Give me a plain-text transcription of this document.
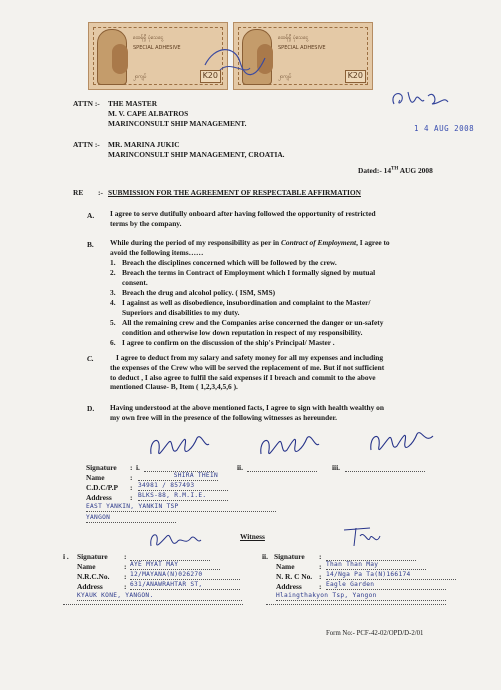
ထေရ်ရှိ ပုံသေငွေ
SPECIAL ADHESIVE
၂၀ကျပ်	K20
ထေရ်ရှိ ပုံသေငွေ
SPECIAL ADHESIVE
၂၀ကျပ်	K20
1 4 AUG 2008
ATTN :- THE MASTER
M. V. CAPE ALBATROS
MARINCONSULT SHIP MANAGEMENT.
ATTN :- MR. MARINA JUKIC
MARINCONSULT SHIP MANAGEMENT, CROATIA.
Dated:- 14TH AUG 2008
RE :- SUBMISSION FOR THE AGREEMENT OF RESPECTABLE AFFIRMATION
A. I agree to serve dutifully onboard after having followed the opportunity of restricted
terms by the company.
B. While during the period of my responsibility as per in Contract of Employment, I agree to
avoid the following items……
1. Breach the disciplines concerned which will be followed by the crew.
2. Breach the terms in Contract of Employment which I formally signed by mutual
consent.
3. Breach the drug and alcohol policy. ( ISM, SMS)
4. I against as well as disobedience, insubordination and complaint to the Master/
Superiors and disabilities to my duty.
5. All the remaining crew and the Companies arise concerned the danger or un-safety
condition and otherwise low down reputation in respect of my responsibility.
6. I agree to confirm on the discussion of the ship's Principal/ Master .
C.	I agree to deduct from my salary and safety money for all my expenses and including
the expenses of the Crew who will be served the replacement of me. But if not sufficient
to deduct , I also agree to fulfil the said expenses if I breach and commit to the above
mentioned Clause- B, Item ( 1,2,3,4,5,6 ).
D. Having understood at the above mentioned facts, I agree to sign with health wealthy on
my own free will in the presence of the following witnesses as hereunder.
Signature : i.	ii.	iii.
Name	:	SHIRA THEIN
C.D.C/P.P : 34981 / 857493
Address : BLKS-88, R.M.I.E.
EAST YANKIN, YANKIN TSP
YANGON
Witness
i . Signature :
Name	: AYE MYAT MAY
N.R.C.No. : 12/MAYANA(N)026270
Address	: 631/ANAWRAHTAR ST,
KYAUK KONE, YANGON.
ii. Signature :
Name	: Than Than May
N. R. C No. : 14/Nga Pa Ta(N)166174
Address : Eagle Garden
Hlaingthakyon Tsp, Yangon
Form No:- PCF-42-02/OPD/D-2/01
